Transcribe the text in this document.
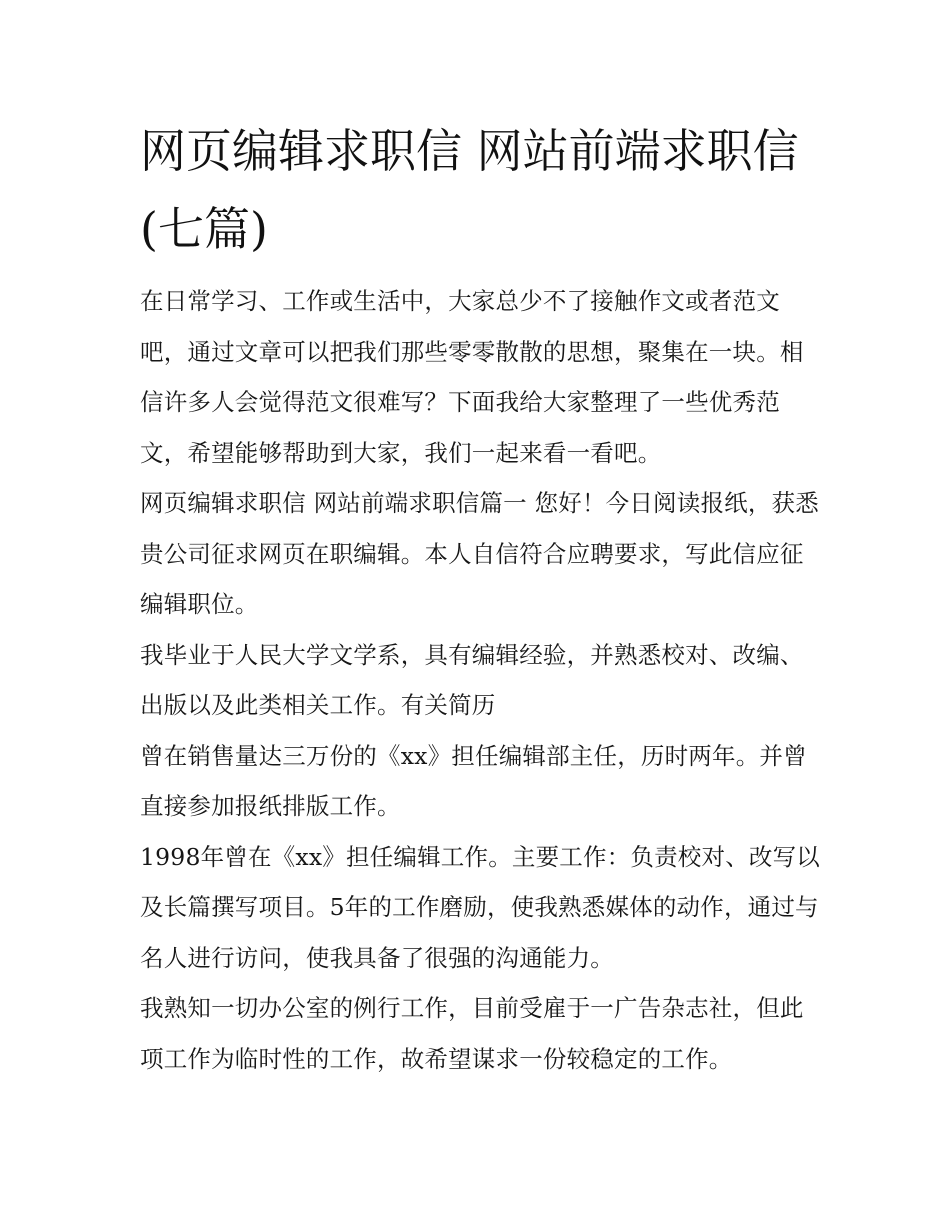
网页编辑求职信 网站前端求职信(七篇)

在日常学习、工作或生活中，大家总少不了接触作文或者范文吧，通过文章可以把我们那些零零散散的思想，聚集在一块。相信许多人会觉得范文很难写？下面我给大家整理了一些优秀范文，希望能够帮助到大家，我们一起来看一看吧。

网页编辑求职信 网站前端求职信篇一 您好！今日阅读报纸，获悉贵公司征求网页在职编辑。本人自信符合应聘要求，写此信应征编辑职位。

我毕业于人民大学文学系，具有编辑经验，并熟悉校对、改编、出版以及此类相关工作。有关简历

曾在销售量达三万份的《xx》担任编辑部主任，历时两年。并曾直接参加报纸排版工作。

1998年曾在《xx》担任编辑工作。主要工作：负责校对、改写以及长篇撰写项目。5年的工作磨励，使我熟悉媒体的动作，通过与名人进行访问，使我具备了很强的沟通能力。

我熟知一切办公室的例行工作，目前受雇于一广告杂志社，但此项工作为临时性的工作，故希望谋求一份较稳定的工作。
